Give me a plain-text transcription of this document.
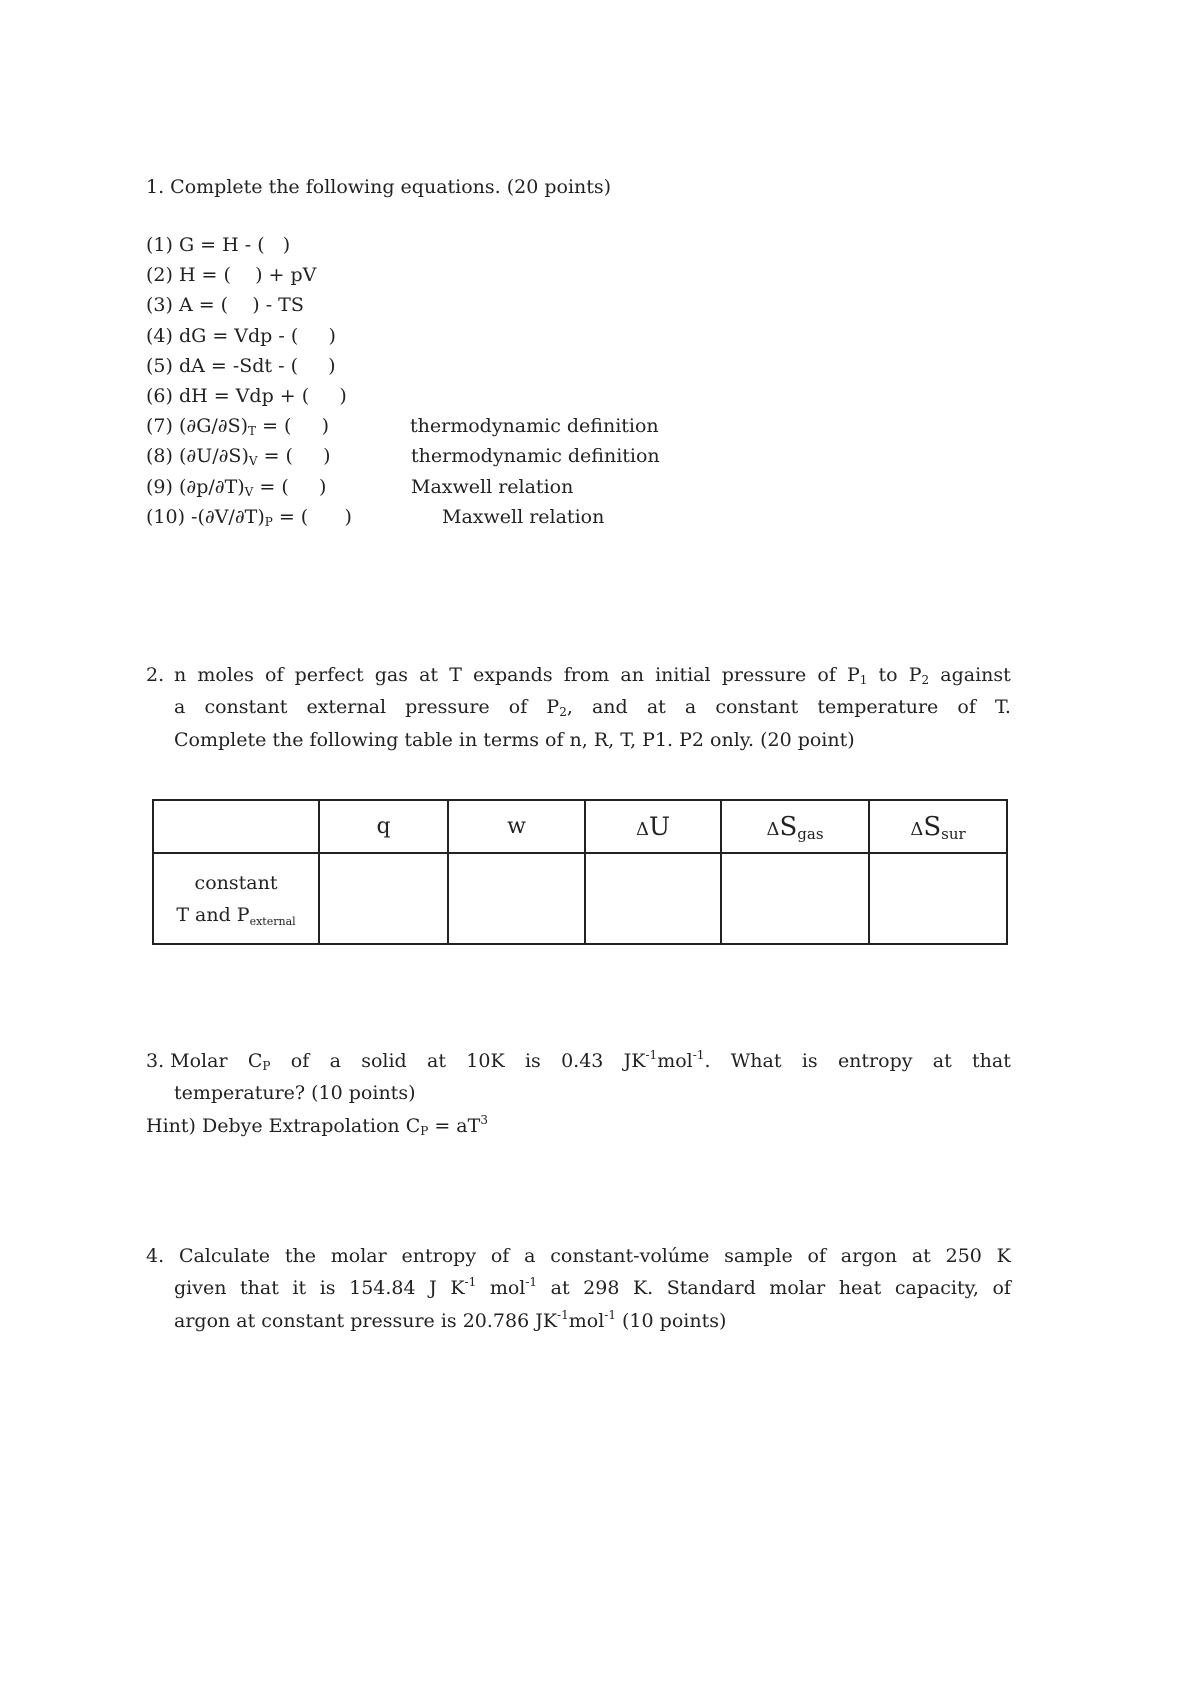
1. Complete the following equations. (20 points)
(1) G = H - (   )
(2) H = (    ) + pV
(3) A = (    ) - TS
(4) dG = Vdp - (     )
(5) dA = -Sdt - (     )
(6) dH = Vdp + (     )
(7) $(\partial G/\partial S)_T$ = (     )	thermodynamic definition
(8) $(\partial U/\partial S)_V$ = (     )	thermodynamic definition
(9) $(\partial p/\partial T)_V$ = (     )	Maxwell relation
(10) $-(\partial V/\partial T)_P$ = (      )	Maxwell relation
2. n moles of perfect gas at T expands from an initial pressure of $P_1$ to $P_2$ against
a constant external pressure of $P_2$, and at a constant temperature of T.
Complete the following table in terms of n, R, T, P1. P2 only. (20 point)
	q	w	ΔU	$\Delta S_{gas}$	$\Delta S_{sur}$

constant
T and $P_{external}$

3. Molar $C_P$ of a solid at 10K is 0.43 $JK^{-1}mol^{-1}$. What is entropy at that
temperature? (10 points)
Hint) Debye Extrapolation $C_P = aT^3$
4. Calculate the molar entropy of a constant-volúme sample of argon at 250 K
given that it is 154.84 J $K^{-1}$ mol$^{-1}$ at 298 K. Standard molar heat capacity, of
argon at constant pressure is 20.786 $JK^{-1}mol^{-1}$ (10 points)
